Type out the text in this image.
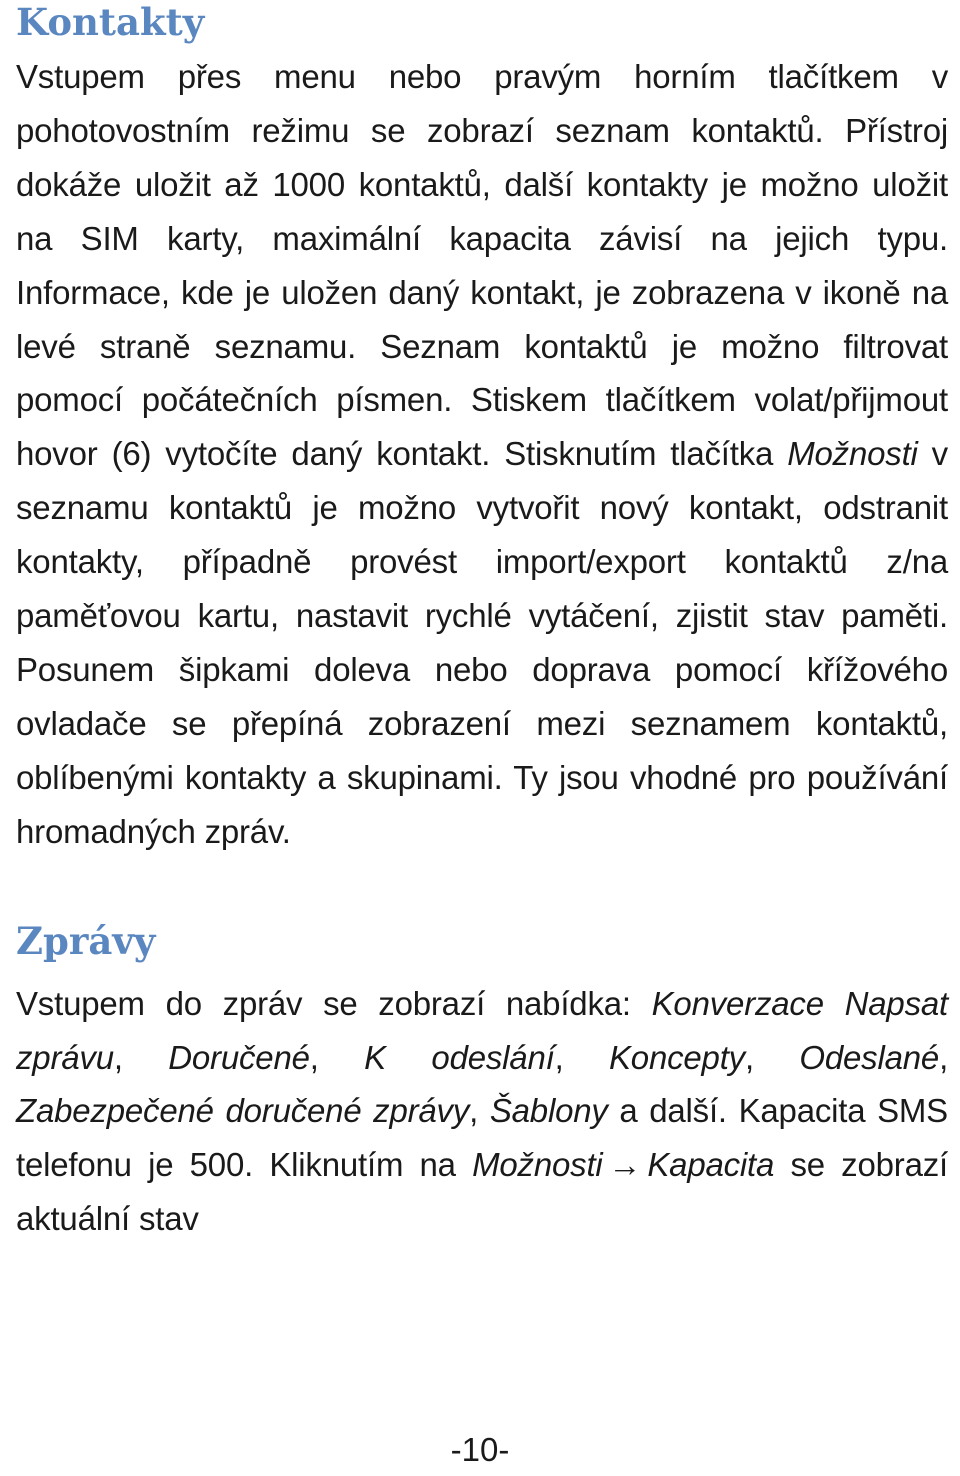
Kontakty

Vstupem přes menu nebo pravým horním tlačítkem v pohotovostním režimu se zobrazí seznam kontaktů. Přístroj dokáže uložit až 1000 kontaktů, další kontakty je možno uložit na SIM karty, maximální kapacita závisí na jejich typu. Informace, kde je uložen daný kontakt, je zobrazena v ikoně na levé straně seznamu. Seznam kontaktů je možno filtrovat pomocí počátečních písmen. Stiskem tlačítkem volat/přijmout hovor (6) vytočíte daný kontakt. Stisknutím tlačítka Možnosti v seznamu kontaktů je možno vytvořit nový kontakt, odstranit kontakty, případně provést import/export kontaktů z/na paměťovou kartu, nastavit rychlé vytáčení, zjistit stav paměti. Posunem šipkami doleva nebo doprava pomocí křížového ovladače se přepíná zobrazení mezi seznamem kontaktů, oblíbenými kontakty a skupinami. Ty jsou vhodné pro používání hromadných zpráv.

Zprávy

Vstupem do zpráv se zobrazí nabídka: Konverzace Napsat zprávu, Doručené, K odeslání, Koncepty, Odeslané, Zabezpečené doručené zprávy, Šablony a další. Kapacita SMS telefonu je 500. Kliknutím na Možnosti → Kapacita se zobrazí aktuální stav

-10-
